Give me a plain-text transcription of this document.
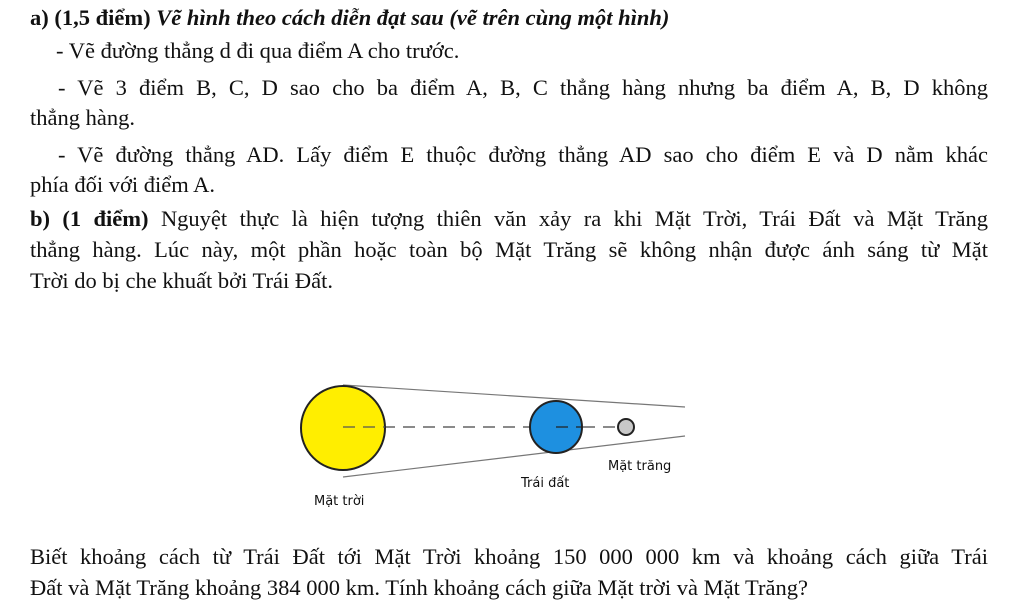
a) (1,5 điểm) Vẽ hình theo cách diễn đạt sau (vẽ trên cùng một hình)
- Vẽ đường thẳng d đi qua điểm A cho trước.
- Vẽ 3 điểm B, C, D sao cho ba điểm A, B, C thẳng hàng nhưng ba điểm A, B, D không
thẳng hàng.
- Vẽ đường thẳng AD. Lấy điểm E thuộc đường thẳng AD sao cho điểm E và D nằm khác
phía đối với điểm A.
b) (1 điểm) Nguyệt thực là hiện tượng thiên văn xảy ra khi Mặt Trời, Trái Đất và Mặt Trăng
thẳng hàng. Lúc này, một phần hoặc toàn bộ Mặt Trăng sẽ không nhận được ánh sáng từ Mặt
Trời do bị che khuất bởi Trái Đất.
Mặt trời
Trái đất
Mặt trăng
Biết khoảng cách từ Trái Đất tới Mặt Trời khoảng 150 000 000 km và khoảng cách giữa Trái
Đất và Mặt Trăng khoảng 384 000 km. Tính khoảng cách giữa Mặt trời và Mặt Trăng?
